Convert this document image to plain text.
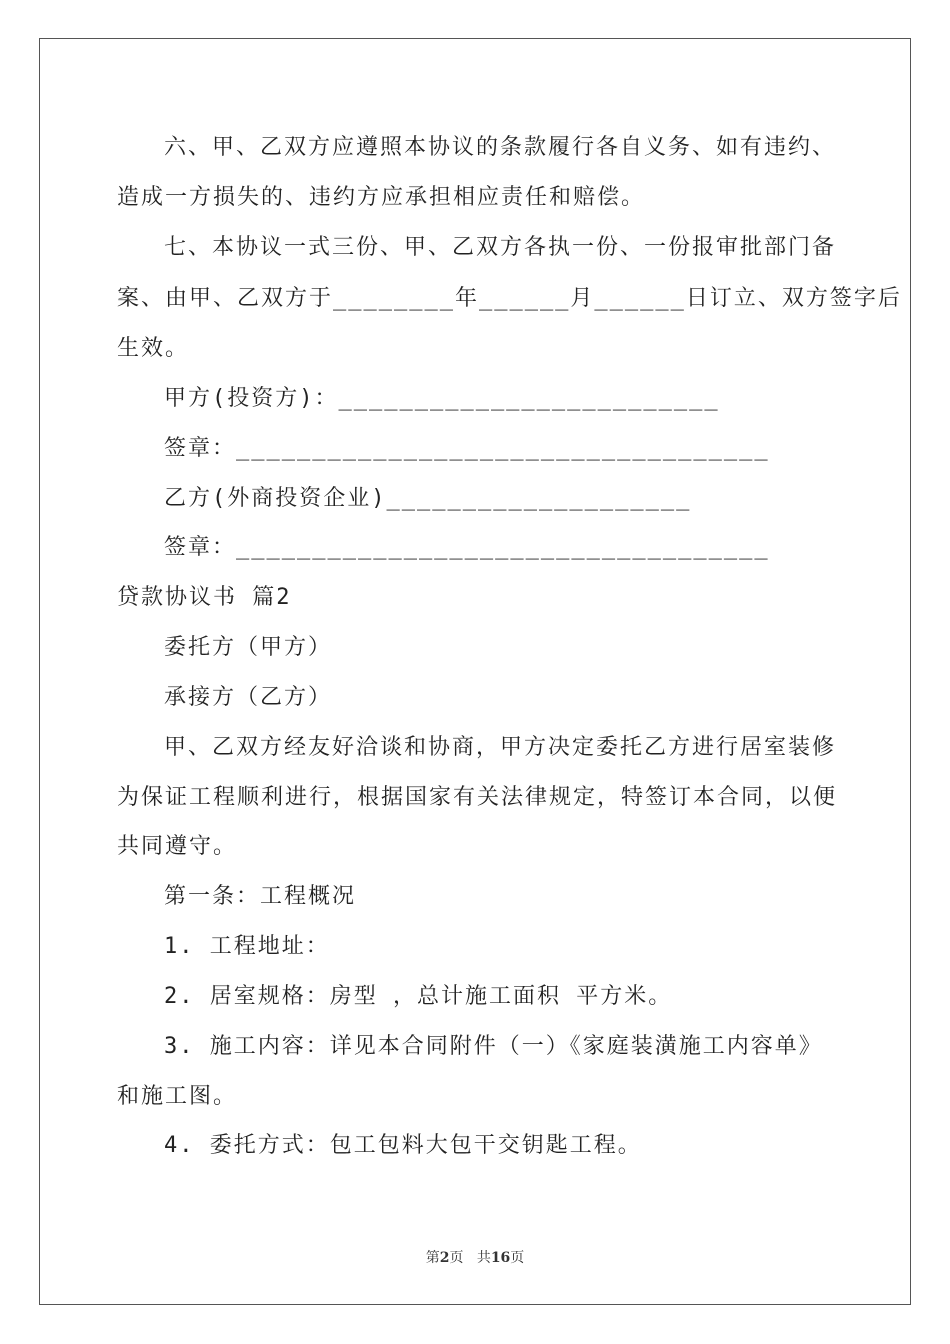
六、甲、乙双方应遵照本协议的条款履行各自义务、如有违约、
造成一方损失的、违约方应承担相应责任和赔偿。
七、本协议一式三份、甲、乙双方各执一份、一份报审批部门备
案、由甲、乙双方于________年______月______日订立、双方签字后
生效。
甲方(投资方)：_________________________
签章：___________________________________
乙方(外商投资企业)____________________
签章：___________________________________
贷款协议书 篇2
委托方（甲方）
承接方（乙方）
甲、乙双方经友好洽谈和协商，甲方决定委托乙方进行居室装修
为保证工程顺利进行，根据国家有关法律规定，特签订本合同，以便
共同遵守。
第一条：工程概况
1. 工程地址：
2. 居室规格：房型 ，总计施工面积 平方米。
3. 施工内容：详见本合同附件（一）《家庭装潢施工内容单》
和施工图。
4. 委托方式：包工包料大包干交钥匙工程。
第2页 共16页
